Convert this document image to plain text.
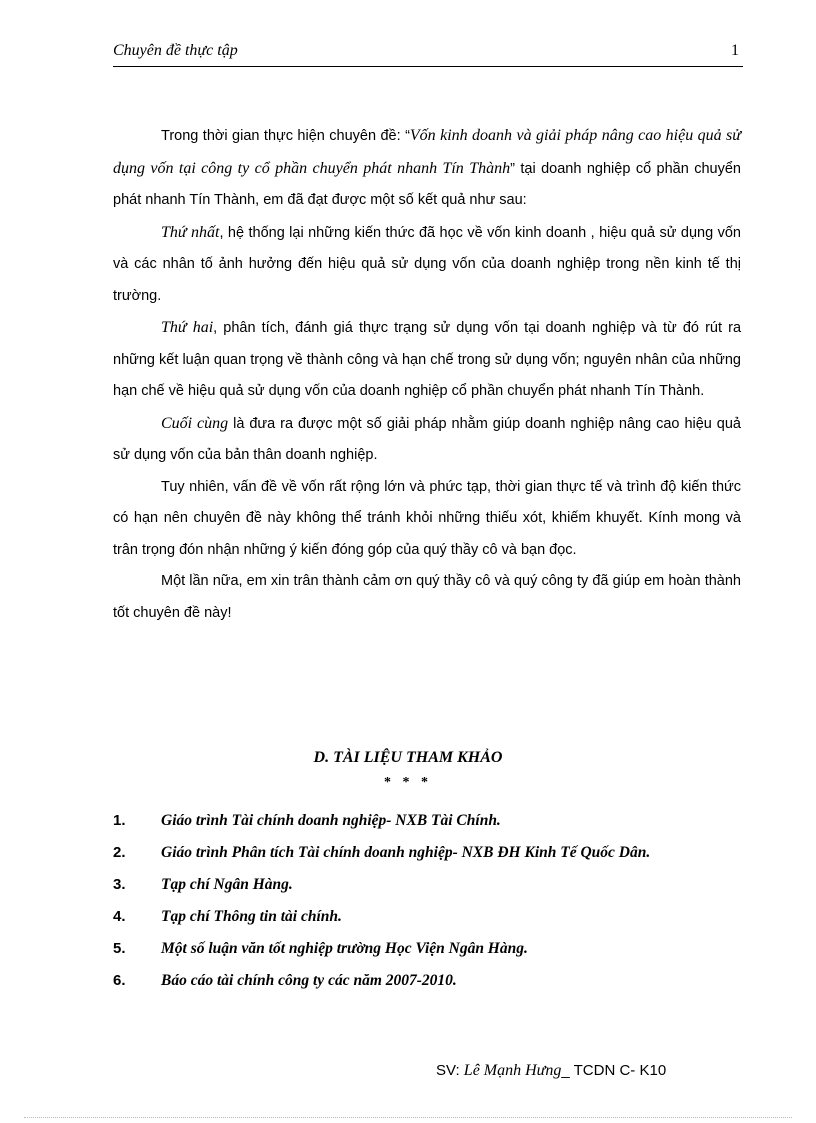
Chuyên đề thực tập	1

Trong thời gian thực hiện chuyên đề: “Vốn kinh doanh và giải pháp nâng cao hiệu quả sử dụng vốn tại công ty cổ phần chuyển phát nhanh Tín Thành” tại doanh nghiệp cổ phần chuyển phát nhanh Tín Thành, em đã đạt được một số kết quả như sau:

Thứ nhất, hệ thống lại những kiến thức đã học về vốn kinh doanh , hiệu quả sử dụng vốn và các nhân tố ảnh hưởng đến hiệu quả sử dụng vốn của doanh nghiệp trong nền kinh tế thị trường.

Thứ hai, phân tích, đánh giá thực trạng sử dụng vốn tại doanh nghiệp và từ đó rút ra những kết luận quan trọng về thành công và hạn chế trong sử dụng vốn; nguyên nhân của những hạn chế về hiệu quả sử dụng vốn của doanh nghiệp cổ phần chuyển phát nhanh Tín Thành.

Cuối cùng là đưa ra được một số giải pháp nhằm giúp doanh nghiệp nâng cao hiệu quả sử dụng vốn của bản thân doanh nghiệp.

Tuy nhiên, vấn đề về vốn rất rộng lớn và phức tạp, thời gian thực tế và trình độ kiến thức có hạn nên chuyên đề này không thể tránh khỏi những thiếu xót, khiếm khuyết. Kính mong và trân trọng đón nhận những ý kiến đóng góp của quý thầy cô và bạn đọc.

Một lần nữa, em xin trân thành cảm ơn quý thầy cô và quý công ty đã giúp em hoàn thành tốt chuyên đề này!

D. TÀI LIỆU THAM KHẢO
* * *
1.	Giáo trình Tài chính doanh nghiệp- NXB Tài Chính.
2.	Giáo trình Phân tích Tài chính doanh nghiệp- NXB ĐH Kinh Tế Quốc Dân.
3.	Tạp chí Ngân Hàng.
4.	Tạp chí Thông tin tài chính.
5.	Một số luận văn tốt nghiệp trường Học Viện Ngân Hàng.
6.	Báo cáo tài chính công ty các năm 2007-2010.
SV: Lê Mạnh Hưng_ TCDN C- K10
